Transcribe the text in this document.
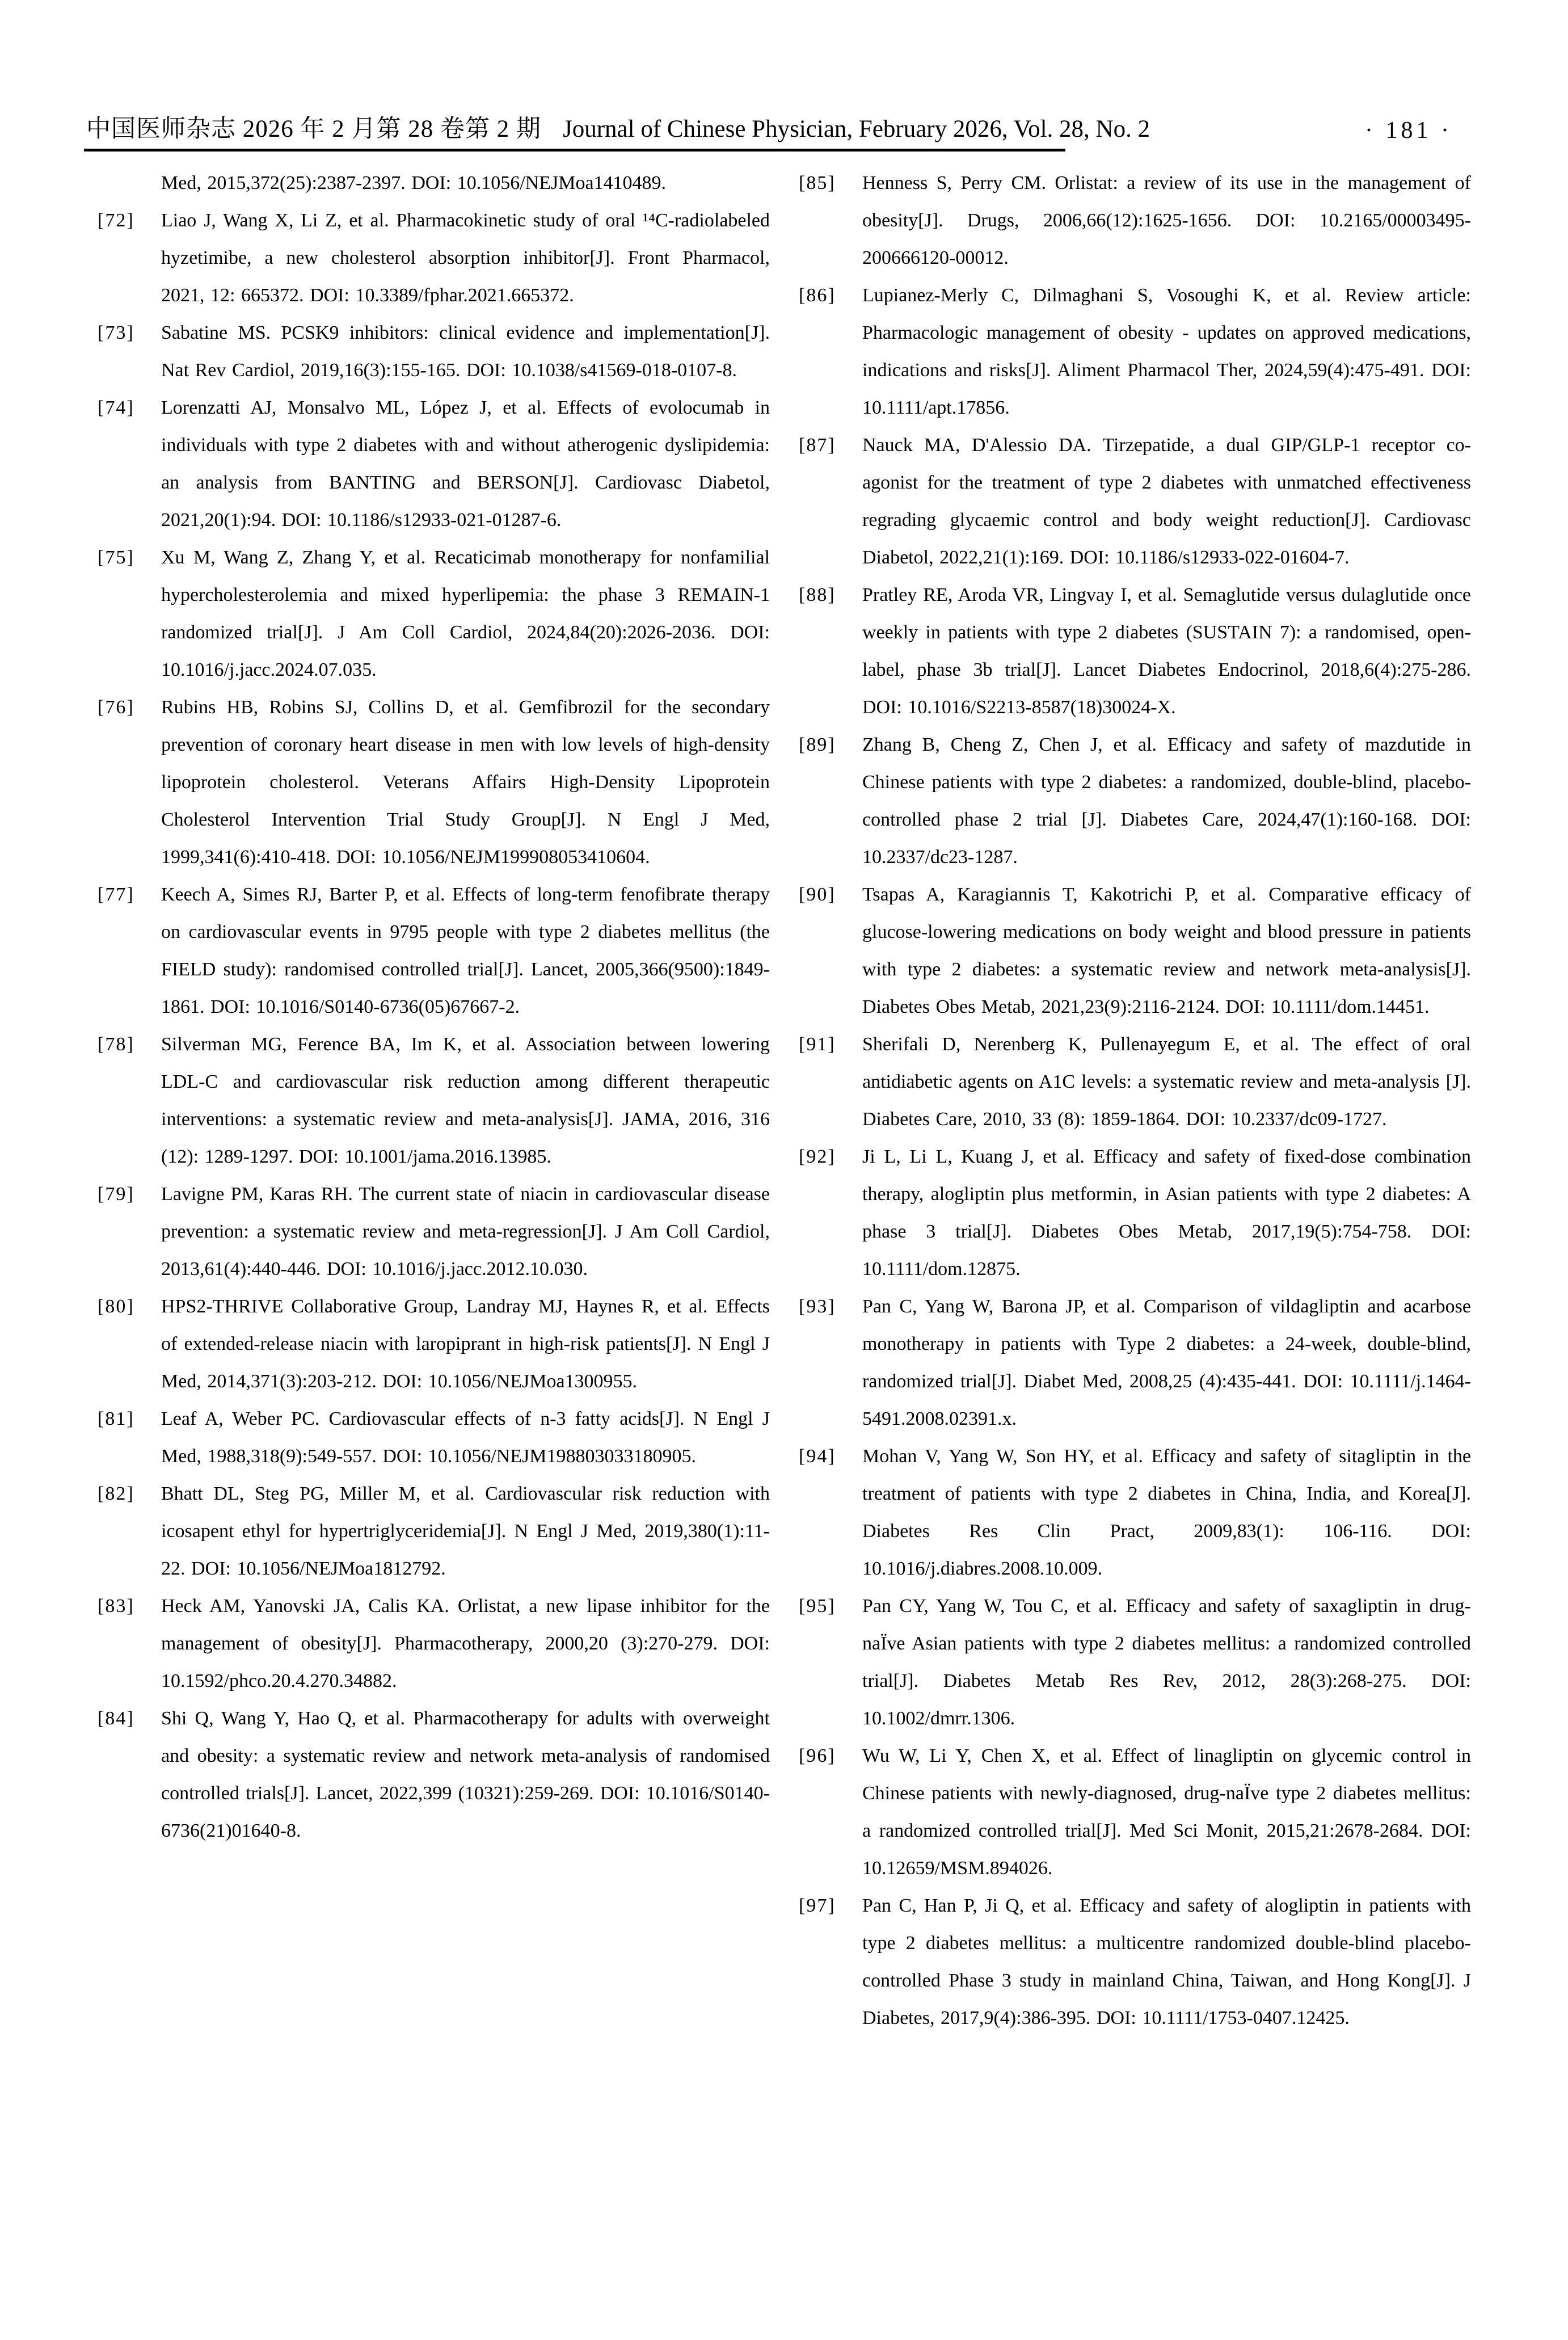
中国医师杂志 2026 年 2 月第 28 卷第 2 期 Journal of Chinese Physician, February 2026, Vol. 28, No. 2	· 181 ·
Med, 2015,372(25):2387-2397. DOI: 10.1056/NEJMoa1410489.
[72] Liao J, Wang X, Li Z, et al. Pharmacokinetic study of oral ¹⁴C-radiolabeled hyzetimibe, a new cholesterol absorption inhibitor[J]. Front Pharmacol, 2021, 12: 665372. DOI: 10.3389/fphar.2021.665372.
[73] Sabatine MS. PCSK9 inhibitors: clinical evidence and implementation[J]. Nat Rev Cardiol, 2019,16(3):155-165. DOI: 10.1038/s41569-018-0107-8.
[74] Lorenzatti AJ, Monsalvo ML, López J, et al. Effects of evolocumab in individuals with type 2 diabetes with and without atherogenic dyslipidemia: an analysis from BANTING and BERSON[J]. Cardiovasc Diabetol, 2021,20(1):94. DOI: 10.1186/s12933-021-01287-6.
[75] Xu M, Wang Z, Zhang Y, et al. Recaticimab monotherapy for nonfamilial hypercholesterolemia and mixed hyperlipemia: the phase 3 REMAIN-1 randomized trial[J]. J Am Coll Cardiol, 2024,84(20):2026-2036. DOI: 10.1016/j.jacc.2024.07.035.
[76] Rubins HB, Robins SJ, Collins D, et al. Gemfibrozil for the secondary prevention of coronary heart disease in men with low levels of high-density lipoprotein cholesterol. Veterans Affairs High-Density Lipoprotein Cholesterol Intervention Trial Study Group[J]. N Engl J Med, 1999,341(6):410-418. DOI: 10.1056/NEJM199908053410604.
[77] Keech A, Simes RJ, Barter P, et al. Effects of long-term fenofibrate therapy on cardiovascular events in 9795 people with type 2 diabetes mellitus (the FIELD study): randomised controlled trial[J]. Lancet, 2005,366(9500):1849-1861. DOI: 10.1016/S0140-6736(05)67667-2.
[78] Silverman MG, Ference BA, Im K, et al. Association between lowering LDL-C and cardiovascular risk reduction among different therapeutic interventions: a systematic review and meta-analysis[J]. JAMA, 2016, 316 (12): 1289-1297. DOI: 10.1001/jama.2016.13985.
[79] Lavigne PM, Karas RH. The current state of niacin in cardiovascular disease prevention: a systematic review and meta-regression[J]. J Am Coll Cardiol, 2013,61(4):440-446. DOI: 10.1016/j.jacc.2012.10.030.
[80] HPS2-THRIVE Collaborative Group, Landray MJ, Haynes R, et al. Effects of extended-release niacin with laropiprant in high-risk patients[J]. N Engl J Med, 2014,371(3):203-212. DOI: 10.1056/NEJMoa1300955.
[81] Leaf A, Weber PC. Cardiovascular effects of n-3 fatty acids[J]. N Engl J Med, 1988,318(9):549-557. DOI: 10.1056/NEJM198803033180905.
[82] Bhatt DL, Steg PG, Miller M, et al. Cardiovascular risk reduction with icosapent ethyl for hypertriglyceridemia[J]. N Engl J Med, 2019,380(1):11-22. DOI: 10.1056/NEJMoa1812792.
[83] Heck AM, Yanovski JA, Calis KA. Orlistat, a new lipase inhibitor for the management of obesity[J]. Pharmacotherapy, 2000,20 (3):270-279. DOI: 10.1592/phco.20.4.270.34882.
[84] Shi Q, Wang Y, Hao Q, et al. Pharmacotherapy for adults with overweight and obesity: a systematic review and network meta-analysis of randomised controlled trials[J]. Lancet, 2022,399 (10321):259-269. DOI: 10.1016/S0140-6736(21)01640-8.
[85] Henness S, Perry CM. Orlistat: a review of its use in the management of obesity[J]. Drugs, 2006,66(12):1625-1656. DOI: 10.2165/00003495-200666120-00012.
[86] Lupianez-Merly C, Dilmaghani S, Vosoughi K, et al. Review article: Pharmacologic management of obesity - updates on approved medications, indications and risks[J]. Aliment Pharmacol Ther, 2024,59(4):475-491. DOI: 10.1111/apt.17856.
[87] Nauck MA, D'Alessio DA. Tirzepatide, a dual GIP/GLP-1 receptor co-agonist for the treatment of type 2 diabetes with unmatched effectiveness regrading glycaemic control and body weight reduction[J]. Cardiovasc Diabetol, 2022,21(1):169. DOI: 10.1186/s12933-022-01604-7.
[88] Pratley RE, Aroda VR, Lingvay I, et al. Semaglutide versus dulaglutide once weekly in patients with type 2 diabetes (SUSTAIN 7): a randomised, open-label, phase 3b trial[J]. Lancet Diabetes Endocrinol, 2018,6(4):275-286. DOI: 10.1016/S2213-8587(18)30024-X.
[89] Zhang B, Cheng Z, Chen J, et al. Efficacy and safety of mazdutide in Chinese patients with type 2 diabetes: a randomized, double-blind, placebo-controlled phase 2 trial [J]. Diabetes Care, 2024,47(1):160-168. DOI: 10.2337/dc23-1287.
[90] Tsapas A, Karagiannis T, Kakotrichi P, et al. Comparative efficacy of glucose-lowering medications on body weight and blood pressure in patients with type 2 diabetes: a systematic review and network meta-analysis[J]. Diabetes Obes Metab, 2021,23(9):2116-2124. DOI: 10.1111/dom.14451.
[91] Sherifali D, Nerenberg K, Pullenayegum E, et al. The effect of oral antidiabetic agents on A1C levels: a systematic review and meta-analysis [J]. Diabetes Care, 2010, 33 (8): 1859-1864. DOI: 10.2337/dc09-1727.
[92] Ji L, Li L, Kuang J, et al. Efficacy and safety of fixed-dose combination therapy, alogliptin plus metformin, in Asian patients with type 2 diabetes: A phase 3 trial[J]. Diabetes Obes Metab, 2017,19(5):754-758. DOI: 10.1111/dom.12875.
[93] Pan C, Yang W, Barona JP, et al. Comparison of vildagliptin and acarbose monotherapy in patients with Type 2 diabetes: a 24-week, double-blind, randomized trial[J]. Diabet Med, 2008,25 (4):435-441. DOI: 10.1111/j.1464-5491.2008.02391.x.
[94] Mohan V, Yang W, Son HY, et al. Efficacy and safety of sitagliptin in the treatment of patients with type 2 diabetes in China, India, and Korea[J]. Diabetes Res Clin Pract, 2009,83(1): 106-116. DOI: 10.1016/j.diabres.2008.10.009.
[95] Pan CY, Yang W, Tou C, et al. Efficacy and safety of saxagliptin in drug-naÏve Asian patients with type 2 diabetes mellitus: a randomized controlled trial[J]. Diabetes Metab Res Rev, 2012, 28(3):268-275. DOI: 10.1002/dmrr.1306.
[96] Wu W, Li Y, Chen X, et al. Effect of linagliptin on glycemic control in Chinese patients with newly-diagnosed, drug-naÏve type 2 diabetes mellitus: a randomized controlled trial[J]. Med Sci Monit, 2015,21:2678-2684. DOI: 10.12659/MSM.894026.
[97] Pan C, Han P, Ji Q, et al. Efficacy and safety of alogliptin in patients with type 2 diabetes mellitus: a multicentre randomized double-blind placebo-controlled Phase 3 study in mainland China, Taiwan, and Hong Kong[J]. J Diabetes, 2017,9(4):386-395. DOI: 10.1111/1753-0407.12425.
